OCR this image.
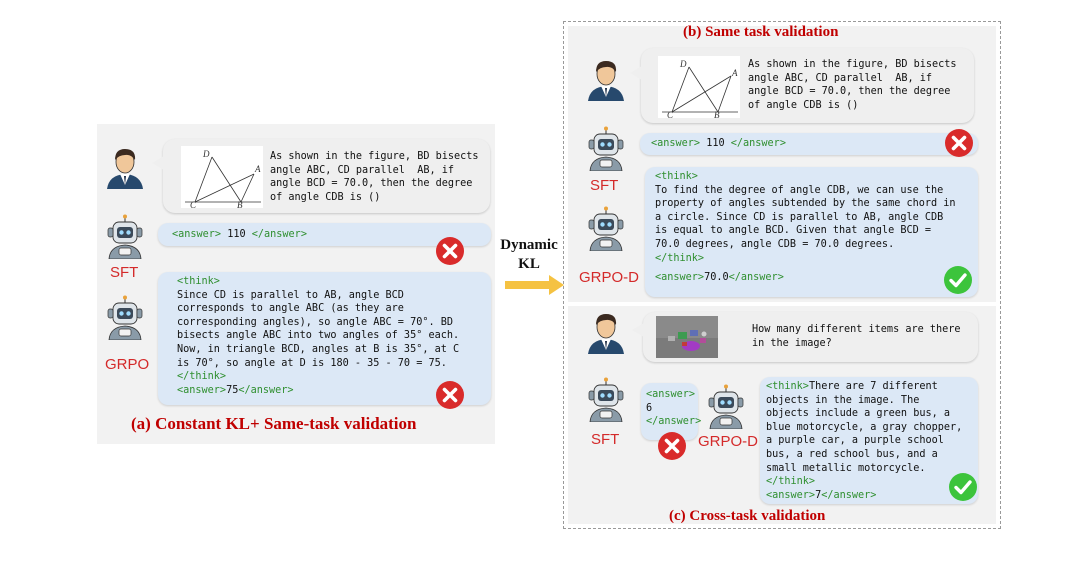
D
A
C	B
As shown in the figure, BD bisects
angle ABC, CD parallel  AB, if
angle BCD = 70.0, then the degree
of angle CDB is ()
SFT
<answer> 110 </answer>
GRPO
<think>
Since CD is parallel to AB, angle BCD
corresponds to angle ABC (as they are
corresponding angles), so angle ABC = 70°. BD
bisects angle ABC into two angles of 35° each.
Now, in triangle BCD, angles at B is 35°, at C
is 70°, so angle at D is 180 - 35 - 70 = 75.
</think>
<answer>75</answer>
(a) Constant KL+ Same-task validation
Dynamic
KL
(b) Same task validation
D
A
C	B
As shown in the figure, BD bisects
angle ABC, CD parallel  AB, if
angle BCD = 70.0, then the degree
of angle CDB is ()
SFT
<answer> 110 </answer>
GRPO-D
<think>
To find the degree of angle CDB, we can use the
property of angles subtended by the same chord in
a circle. Since CD is parallel to AB, angle CDB
is equal to angle BCD. Given that angle BCD =
70.0 degrees, angle CDB = 70.0 degrees.
</think>
<answer>70.0</answer>
How many different items are there
in the image?
SFT
<answer>
6
</answer>
GRPO-D
<think>There are 7 different
objects in the image. The
objects include a green bus, a
blue motorcycle, a gray chopper,
a purple car, a purple school
bus, a red school bus, and a
small metallic motorcycle.
</think>
<answer>7</answer>
(c) Cross-task validation
